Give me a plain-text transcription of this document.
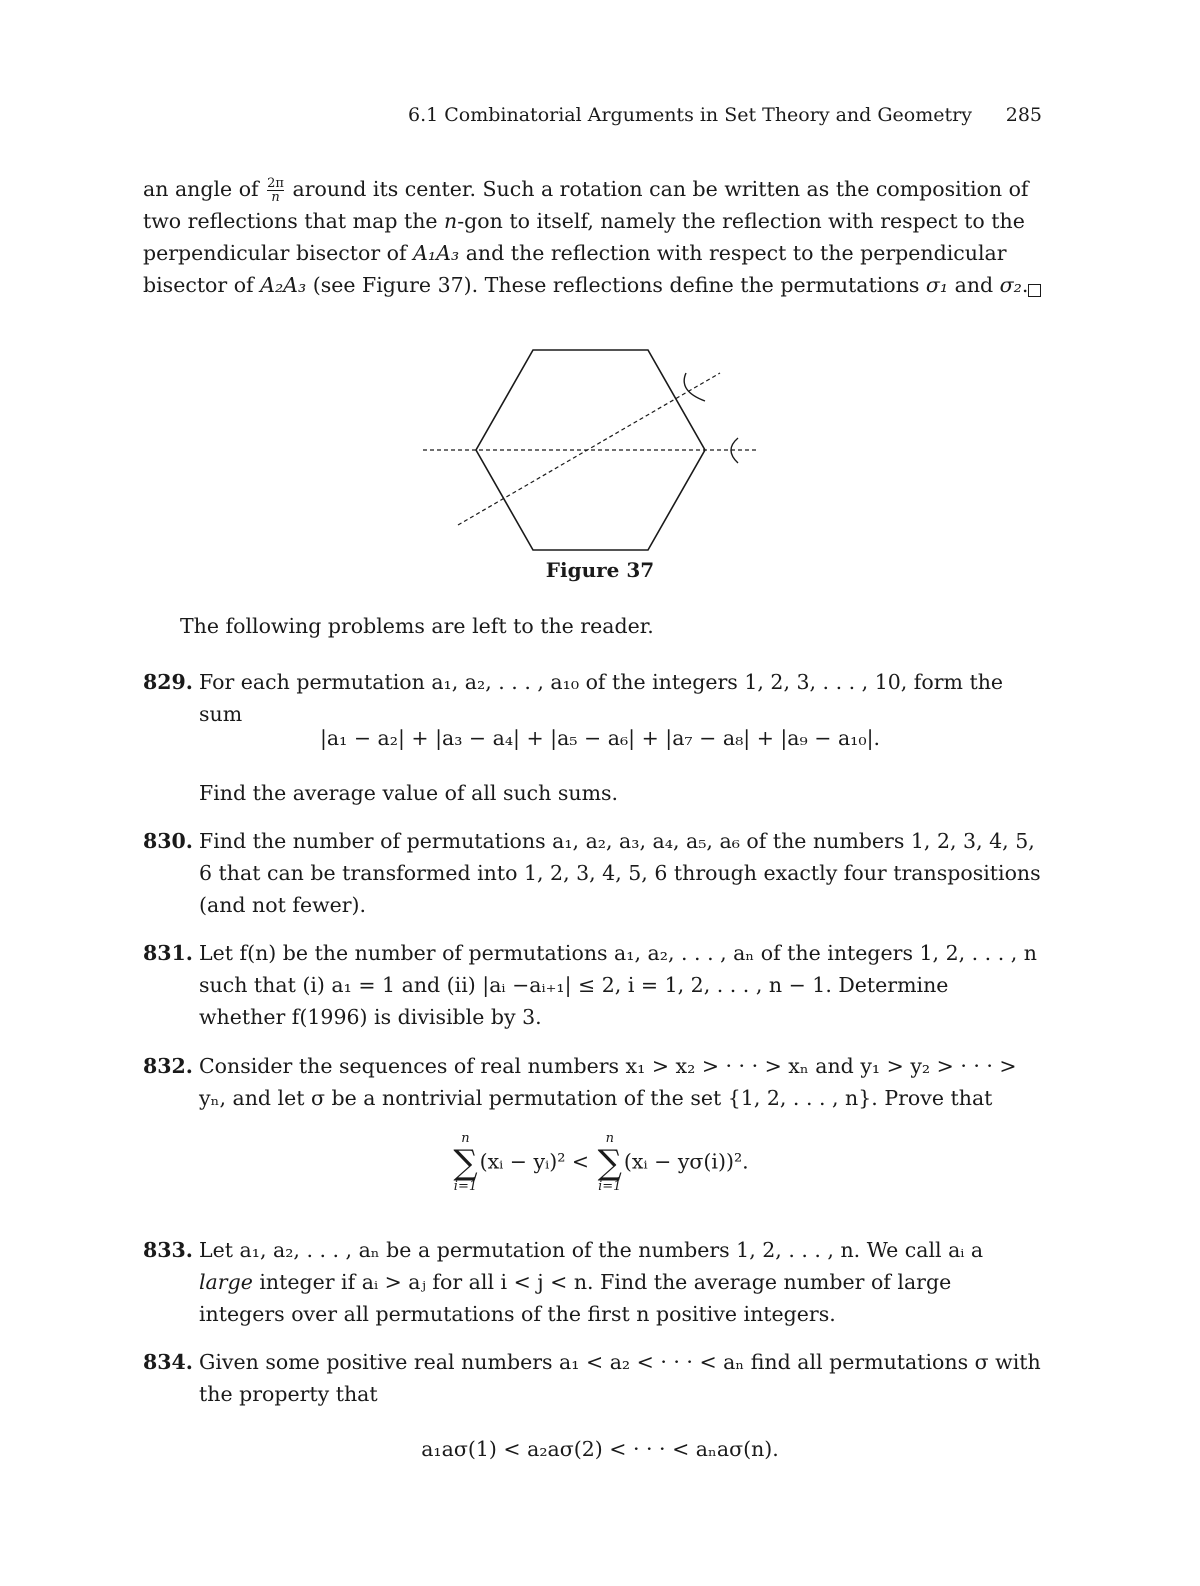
6.1 Combinatorial Arguments in Set Theory and Geometry 285
an angle of $\frac{2\pi}{n}$ around its center. Such a rotation can be written as the composition of two reflections that map the n-gon to itself, namely the reflection with respect to the perpendicular bisector of A₁A₃ and the reflection with respect to the perpendicular bisector of A₂A₃ (see Figure 37). These reflections define the permutations σ₁ and σ₂.
Figure 37
The following problems are left to the reader.
829. For each permutation a₁, a₂, . . . , a₁₀ of the integers 1, 2, 3, . . . , 10, form the sum
|a₁ − a₂| + |a₃ − a₄| + |a₅ − a₆| + |a₇ − a₈| + |a₉ − a₁₀|.
Find the average value of all such sums.
830. Find the number of permutations a₁, a₂, a₃, a₄, a₅, a₆ of the numbers 1, 2, 3, 4, 5, 6 that can be transformed into 1, 2, 3, 4, 5, 6 through exactly four transpositions (and not fewer).
831. Let f(n) be the number of permutations a₁, a₂, . . . , aₙ of the integers 1, 2, . . . , n such that (i) a₁ = 1 and (ii) |aᵢ −aᵢ₊₁| ≤ 2, i = 1, 2, . . . , n − 1. Determine whether f(1996) is divisible by 3.
832. Consider the sequences of real numbers x₁ > x₂ > · · · > xₙ and y₁ > y₂ > · · · > yₙ, and let σ be a nontrivial permutation of the set {1, 2, . . . , n}. Prove that
n
∑
i=1
(xᵢ − yᵢ)² <
n
∑
i=1
(xᵢ − yσ(i))².
833. Let a₁, a₂, . . . , aₙ be a permutation of the numbers 1, 2, . . . , n. We call aᵢ a large integer if aᵢ > aⱼ for all i < j < n. Find the average number of large integers over all permutations of the first n positive integers.
834. Given some positive real numbers a₁ < a₂ < · · · < aₙ find all permutations σ with the property that
a₁aσ(1) < a₂aσ(2) < · · · < aₙaσ(n).
